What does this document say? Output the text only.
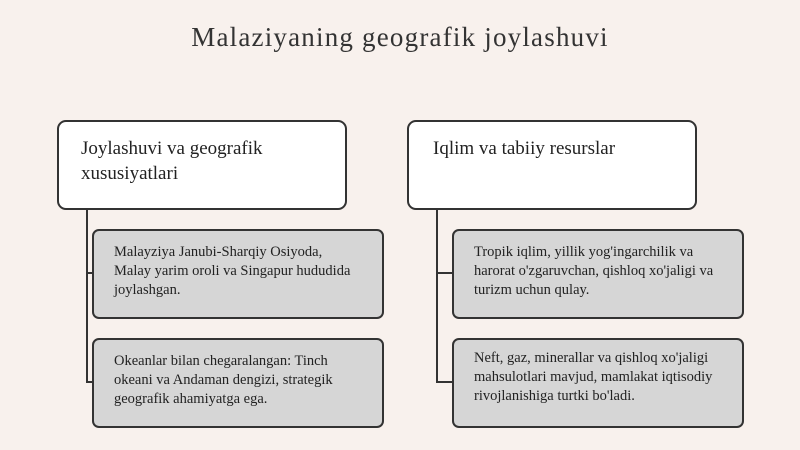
Malaziyaning geografik joylashuvi
Joylashuvi va geografik xususiyatlari
Malayziya Janubi-Sharqiy Osiyoda, Malay yarim oroli va Singapur hududida joylashgan.
Okeanlar bilan chegaralangan: Tinch okeani va Andaman dengizi, strategik geografik ahamiyatga ega.
Iqlim va tabiiy resurslar
Tropik iqlim, yillik yog'ingarchilik va harorat o'zgaruvchan, qishloq xo'jaligi va turizm uchun qulay.
Neft, gaz, minerallar va qishloq xo'jaligi mahsulotlari mavjud, mamlakat iqtisodiy rivojlanishiga turtki bo'ladi.
